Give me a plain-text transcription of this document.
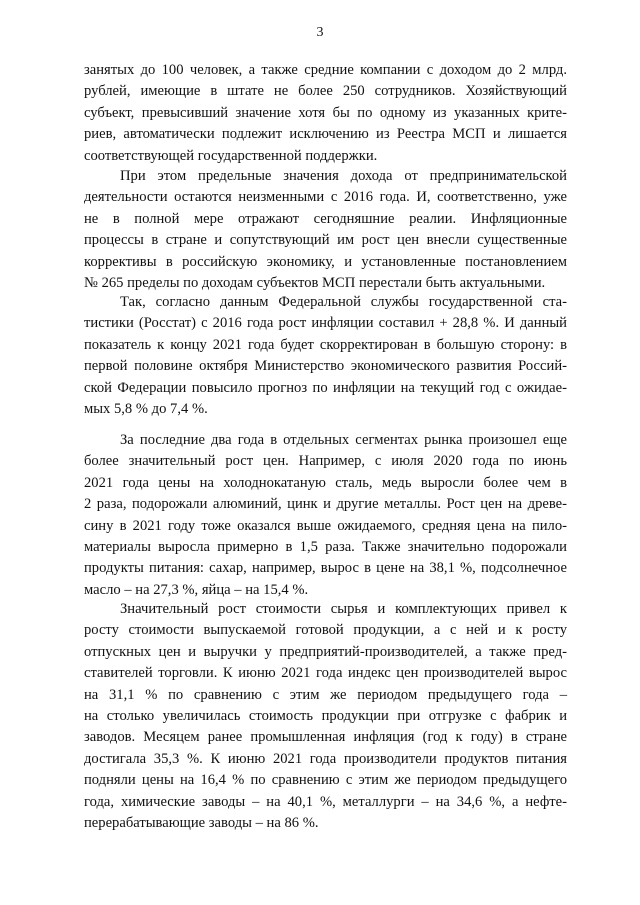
3
занятых до 100 человек, а также средние компании с доходом до 2 млрд.
рублей, имеющие в штате не более 250 сотрудников. Хозяйствующий
субъект, превысивший значение хотя бы по одному из указанных крите-
риев, автоматически подлежит исключению из Реестра МСП и лишается
соответствующей государственной поддержки.
При этом предельные значения дохода от предпринимательской
деятельности остаются неизменными с 2016 года. И, соответственно, уже
не в полной мере отражают сегодняшние реалии. Инфляционные
процессы в стране и сопутствующий им рост цен внесли существенные
коррективы в российскую экономику, и установленные постановлением
№ 265 пределы по доходам субъектов МСП перестали быть актуальными.
Так, согласно данным Федеральной службы государственной ста-
тистики (Росстат) с 2016 года рост инфляции составил + 28,8 %. И данный
показатель к концу 2021 года будет скорректирован в большую сторону: в
первой половине октября Министерство экономического развития Россий-
ской Федерации повысило прогноз по инфляции на текущий год с ожидае-
мых 5,8 % до 7,4 %.
За последние два года в отдельных сегментах рынка произошел еще
более значительный рост цен. Например, с июля 2020 года по июнь
2021 года цены на холоднокатаную сталь, медь выросли более чем в
2 раза, подорожали алюминий, цинк и другие металлы. Рост цен на древе-
сину в 2021 году тоже оказался выше ожидаемого, средняя цена на пило-
материалы выросла примерно в 1,5 раза. Также значительно подорожали
продукты питания: сахар, например, вырос в цене на 38,1 %, подсолнечное
масло – на 27,3 %, яйца – на 15,4 %.
Значительный рост стоимости сырья и комплектующих привел к
росту стоимости выпускаемой готовой продукции, а с ней и к росту
отпускных цен и выручки у предприятий-производителей, а также пред-
ставителей торговли. К июню 2021 года индекс цен производителей вырос
на 31,1 % по сравнению с этим же периодом предыдущего года –
на столько увеличилась стоимость продукции при отгрузке с фабрик и
заводов. Месяцем ранее промышленная инфляция (год к году) в стране
достигала 35,3 %. К июню 2021 года производители продуктов питания
подняли цены на 16,4 % по сравнению с этим же периодом предыдущего
года, химические заводы – на 40,1 %, металлурги – на 34,6 %, а нефте-
перерабатывающие заводы – на 86 %.
